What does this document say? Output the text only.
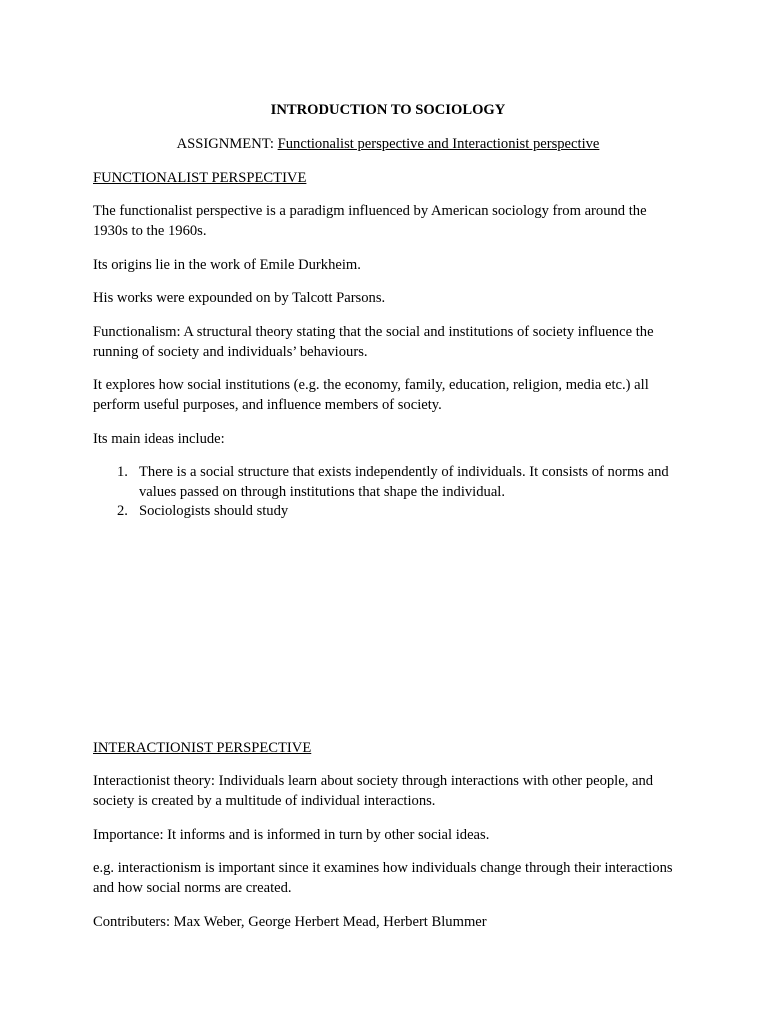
INTRODUCTION TO SOCIOLOGY
ASSIGNMENT: Functionalist perspective and Interactionist perspective
FUNCTIONALIST PERSPECTIVE
The functionalist perspective is a paradigm influenced by American sociology from around the 1930s to the 1960s.
Its origins lie in the work of Emile Durkheim.
His works were expounded on by Talcott Parsons.
Functionalism: A structural theory stating that the social and institutions of society influence the running of society and individuals’ behaviours.
It explores how social institutions (e.g. the economy, family, education, religion, media etc.) all perform useful purposes, and influence members of society.
Its main ideas include:
1. There is a social structure that exists independently of individuals. It consists of norms and values passed on through institutions that shape the individual.
2. Sociologists should study
INTERACTIONIST PERSPECTIVE
Interactionist theory: Individuals learn about society through interactions with other people, and society is created by a multitude of individual interactions.
Importance: It informs and is informed in turn by other social ideas.
e.g. interactionism is important since it examines how individuals change through their interactions and how social norms are created.
Contributers: Max Weber, George Herbert Mead, Herbert Blummer
